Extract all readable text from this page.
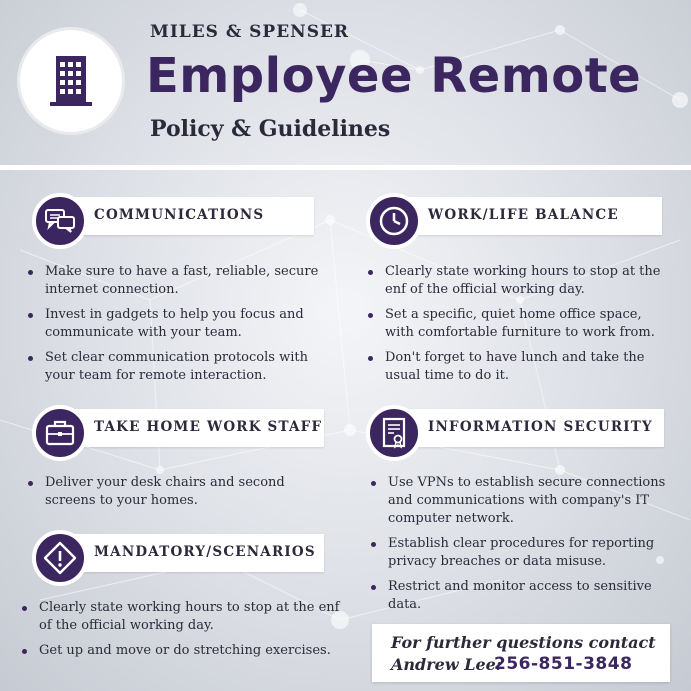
MILES & SPENSER
Employee Remote
Policy & Guidelines
COMMUNICATIONS
Make sure to have a fast, reliable, secure internet connection.
Invest in gadgets to help you focus and communicate with your team.
Set clear communication protocols with your team for remote interaction.
WORK/LIFE BALANCE
Clearly state working hours to stop at the enf of the official working day.
Set a specific, quiet home office space, with comfortable furniture to work from.
Don't forget to have lunch and take the usual time to do it.
TAKE HOME WORK STAFF
Deliver your desk chairs and second screens to your homes.
INFORMATION SECURITY
Use VPNs to establish secure connections and communications with company's IT computer network.
Establish clear procedures for reporting privacy breaches or data misuse.
Restrict and monitor access to sensitive data.
MANDATORY/SCENARIOS
Clearly state working hours to stop at the enf of the official working day.
Get up and move or do stretching exercises.	For further questions contact
Andrew Lee:
256-851-3848
